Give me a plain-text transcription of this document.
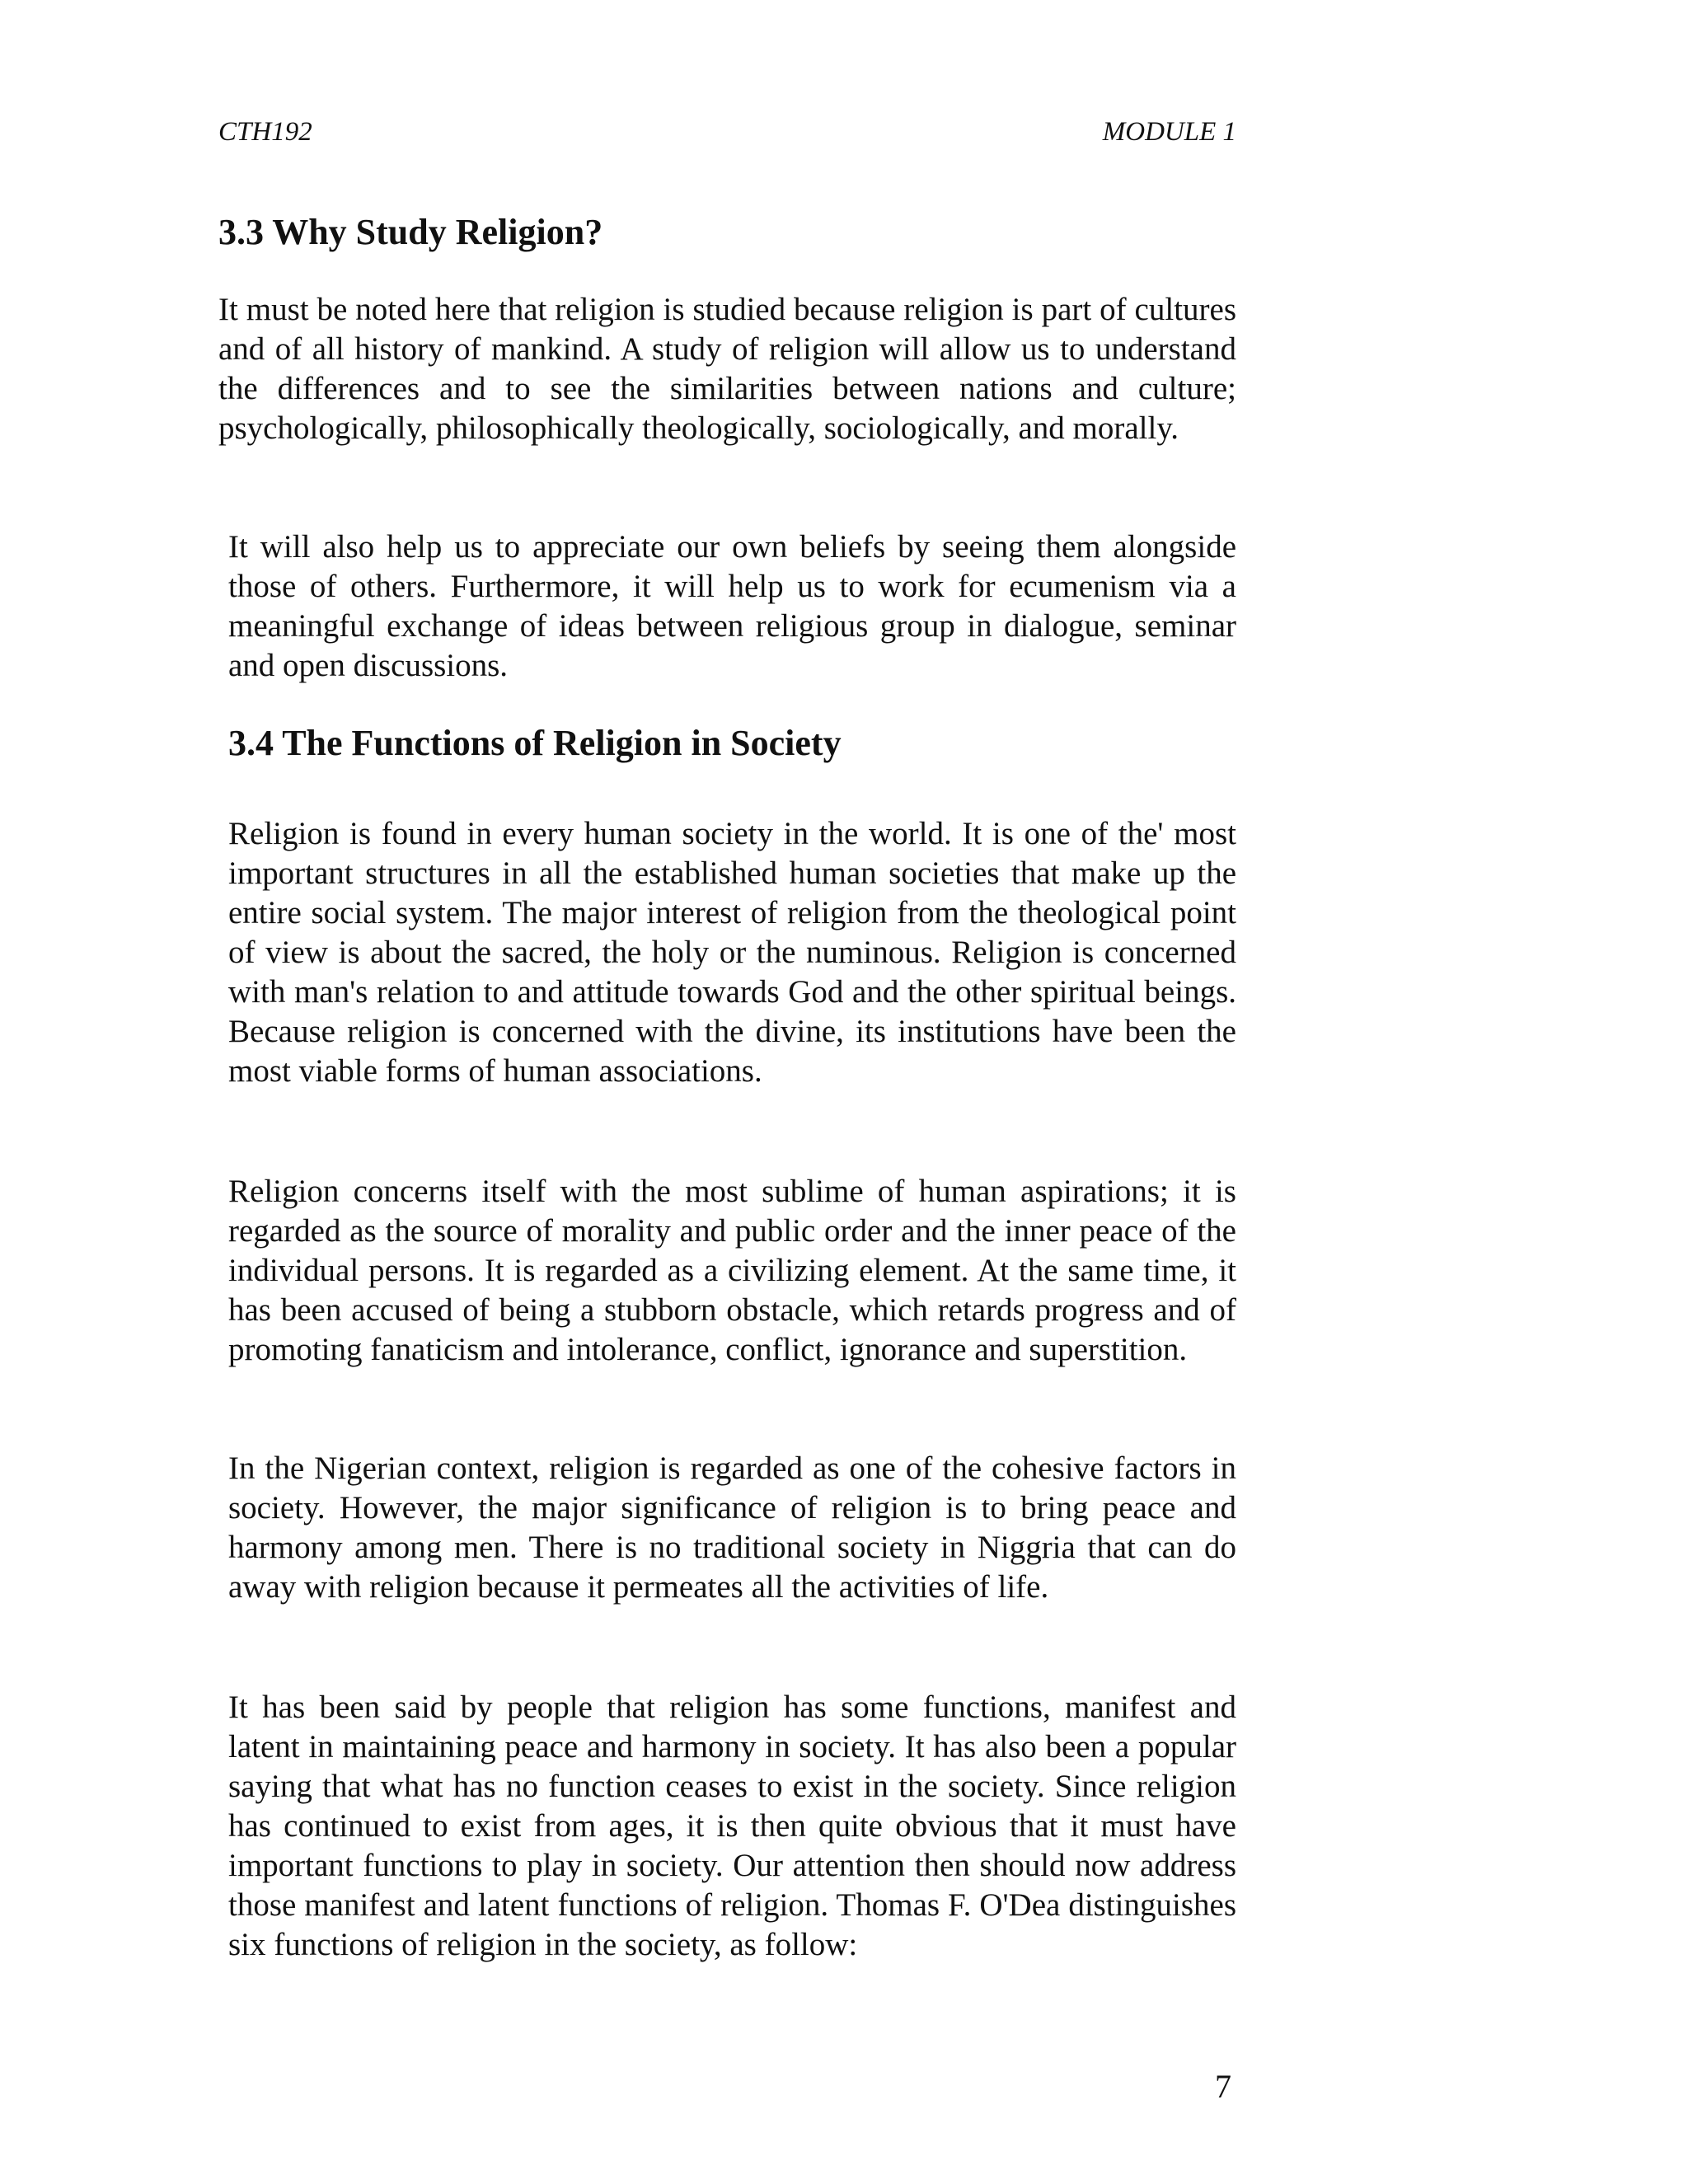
CTH192	MODULE 1
3.3 Why Study Religion?

It must be noted here that religion is studied because religion is part of cultures and of all history of mankind. A study of religion will allow us to understand the differences and to see the similarities between nations and culture; psychologically, philosophically theologically, sociologically, and morally.

It will also help us to appreciate our own beliefs by seeing them alongside those of others. Furthermore, it will help us to work for ecumenism via a meaningful exchange of ideas between religious group in dialogue, seminar and open discussions.

3.4 The Functions of Religion in Society

Religion is found in every human society in the world. It is one of the' most important structures in all the established human societies that make up the entire social system. The major interest of religion from the theological point of view is about the sacred, the holy or the numinous. Religion is concerned with man's relation to and attitude towards God and the other spiritual beings. Because religion is concerned with the divine, its institutions have been the most viable forms of human associations.

Religion concerns itself with the most sublime of human aspirations; it is regarded as the source of morality and public order and the inner peace of the individual persons. It is regarded as a civilizing element. At the same time, it has been accused of being a stubborn obstacle, which retards progress and of promoting fanaticism and intolerance, conflict, ignorance and superstition.

In the Nigerian context, religion is regarded as one of the cohesive factors in society. However, the major significance of religion is to bring peace and harmony among men. There is no traditional society in Niggria that can do away with religion because it permeates all the activities of life.

It has been said by people that religion has some functions, manifest and latent in maintaining peace and harmony in society. It has also been a popular saying that what has no function ceases to exist in the society. Since religion has continued to exist from ages, it is then quite obvious that it must have important functions to play in society. Our attention then should now address those manifest and latent functions of religion. Thomas F. O'Dea distinguishes six functions of religion in the society, as follow:

7
